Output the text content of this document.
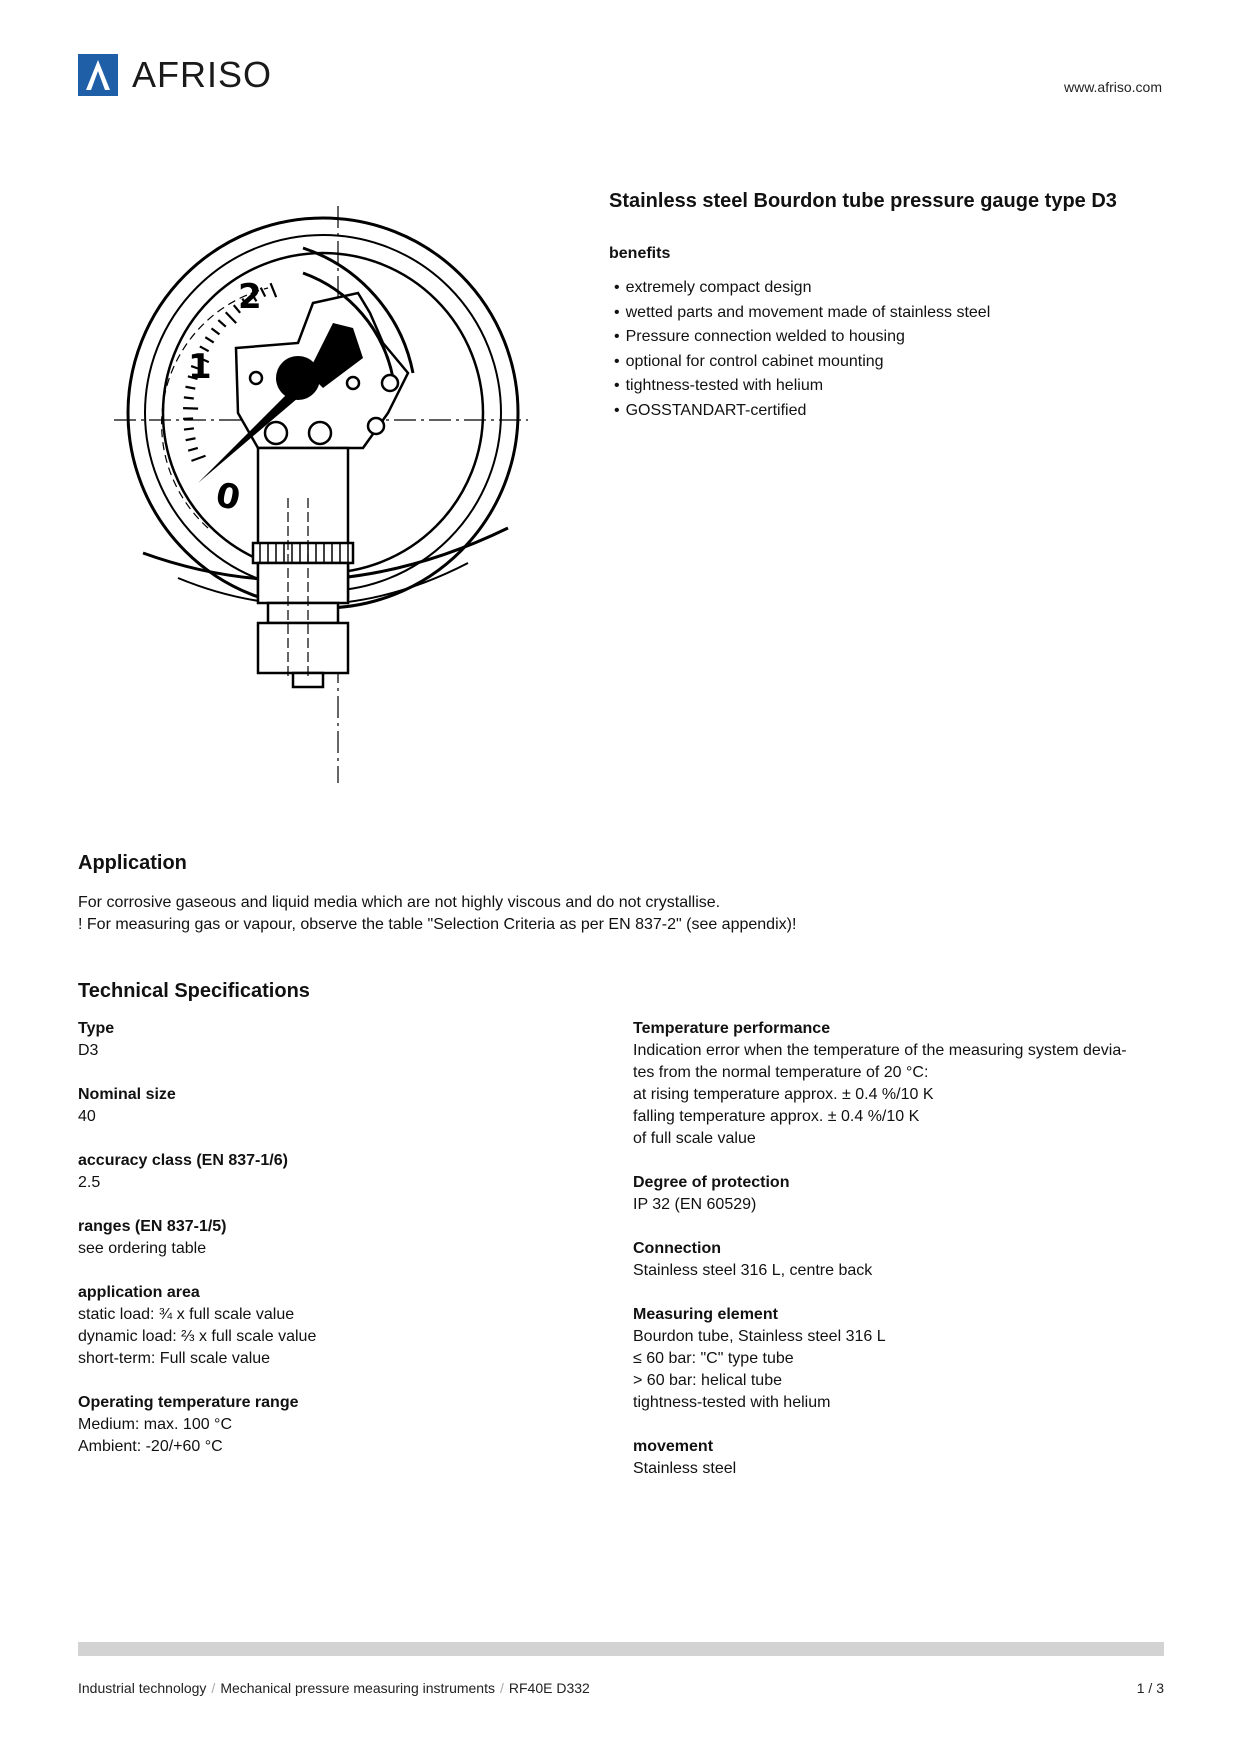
AFRISO	www.afriso.com
0
1
2
Stainless steel Bourdon tube pressure gauge type D3
benefits
• extremely compact design
• wetted parts and movement made of stainless steel
• Pressure connection welded to housing
• optional for control cabinet mounting
• tightness-tested with helium
• GOSSTANDART-certified
Application
For corrosive gaseous and liquid media which are not highly viscous and do not crystallise.
! For measuring gas or vapour, observe the table "Selection Criteria as per EN 837-2" (see appendix)!
Technical Specifications
Type
D3
Nominal size
40
accuracy class (EN 837-1/6)
2.5
ranges (EN 837-1/5)
see ordering table
application area
static load: ¾ x full scale value
dynamic load: ⅔ x full scale value
short-term: Full scale value
Operating temperature range
Medium: max. 100 °C
Ambient: -20/+60 °C
Temperature performance
Indication error when the temperature of the measuring system devia-
tes from the normal temperature of 20 °C:
at rising temperature approx. ± 0.4 %/10 K
falling temperature approx. ± 0.4 %/10 K
of full scale value
Degree of protection
IP 32 (EN 60529)
Connection
Stainless steel 316 L, centre back
Measuring element
Bourdon tube, Stainless steel 316 L
≤ 60 bar: "C" type tube
> 60 bar: helical tube
tightness-tested with helium
movement
Stainless steel
Industrial technology / Mechanical pressure measuring instruments / RF40E D332	1 / 3
